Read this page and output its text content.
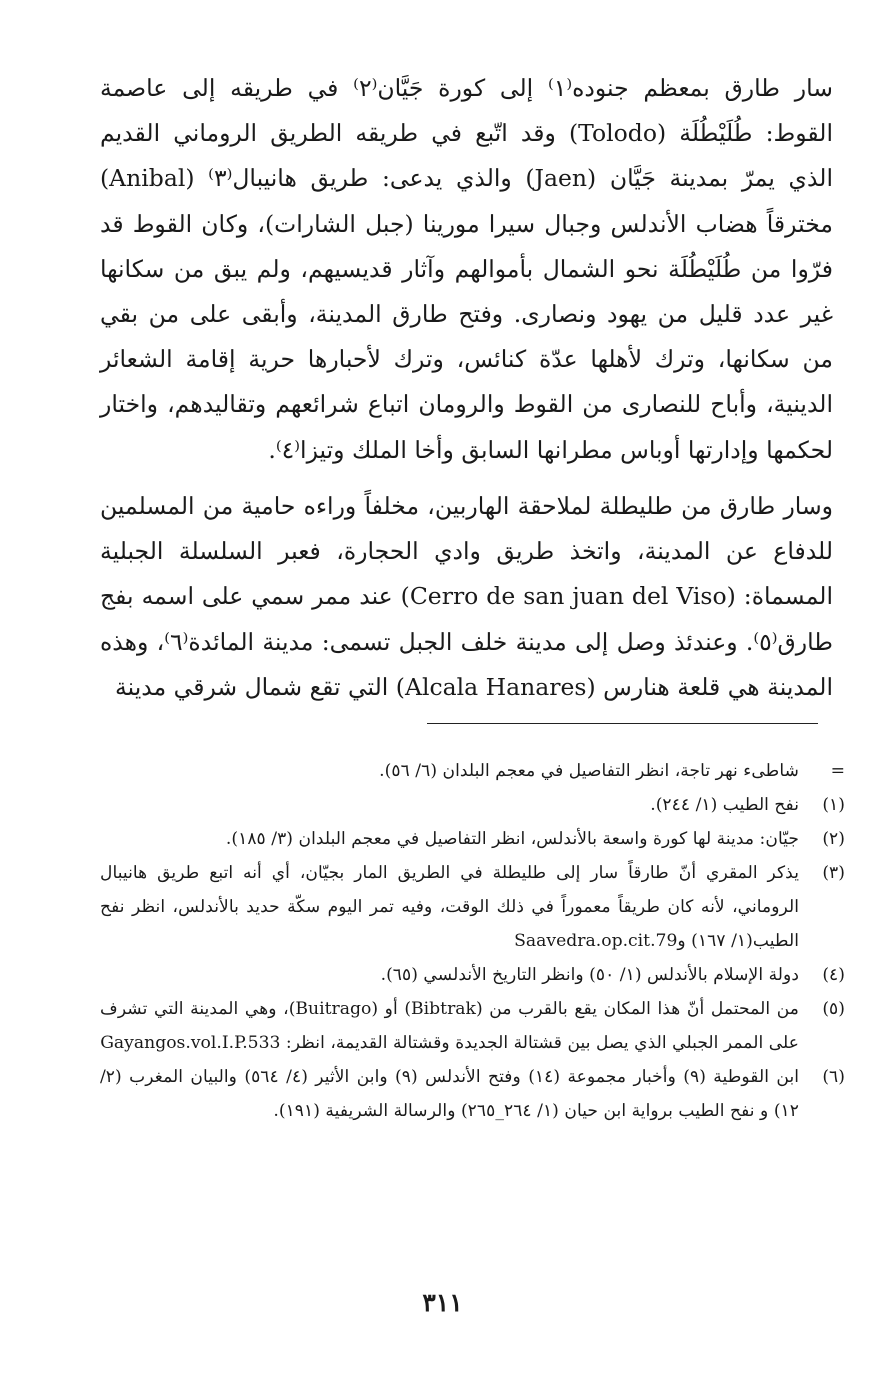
سار طارق بمعظم جنوده⁽١⁾ إلى كورة جَيَّان⁽٢⁾ في طريقه إلى عاصمة القوط: طُلَيْطُلَة (Tolodo) وقد اتّبع في طريقه الطريق الروماني القديم الذي يمرّ بمدينة جَيَّان (Jaen) والذي يدعى: طريق هانيبال⁽٣⁾ (Anibal) مخترقاً هضاب الأندلس وجبال سيرا مورينا (جبل الشارات)، وكان القوط قد فرّوا من طُلَيْطُلَة نحو الشمال بأموالهم وآثار قديسيهم، ولم يبق من سكانها غير عدد قليل من يهود ونصارى. وفتح طارق المدينة، وأبقى على من بقي من سكانها، وترك لأهلها عدّة كنائس، وترك لأحبارها حرية إقامة الشعائر الدينية، وأباح للنصارى من القوط والرومان اتباع شرائعهم وتقاليدهم، واختار لحكمها وإدارتها أوباس مطرانها السابق وأخا الملك وتيزا⁽٤⁾.

وسار طارق من طليطلة لملاحقة الهاربين، مخلفاً وراءه حامية من المسلمين للدفاع عن المدينة، واتخذ طريق وادي الحجارة، فعبر السلسلة الجبلية المسماة: (Cerro de san juan del Viso) عند ممر سمي على اسمه بفج طارق⁽٥⁾. وعندئذ وصل إلى مدينة خلف الجبل تسمى: مدينة المائدة⁽٦⁾، وهذه المدينة هي قلعة هنارس (Alcala Hanares) التي تقع شمال شرقي مدينة

=
شاطىء نهر تاجة، انظر التفاصيل في معجم البلدان (٦/ ٥٦).
(١)
نفح الطيب (١/ ٢٤٤).
(٢)
جيّان: مدينة لها كورة واسعة بالأندلس، انظر التفاصيل في معجم البلدان (٣/ ١٨٥).
(٣)
يذكر المقري أنّ طارقاً سار إلى طليطلة في الطريق المار بجيّان، أي أنه اتبع طريق هانيبال الروماني، لأنه كان طريقاً معموراً في ذلك الوقت، وفيه تمر اليوم سكّة حديد بالأندلس، انظر نفح الطيب(١/ ١٦٧) وSaavedra.op.cit.79
(٤)
دولة الإسلام بالأندلس (١/ ٥٠) وانظر التاريخ الأندلسي (٦٥).
(٥)
من المحتمل أنّ هذا المكان يقع بالقرب من (Bibtrak) أو (Buitrago)، وهي المدينة التي تشرف على الممر الجبلي الذي يصل بين قشتالة الجديدة وقشتالة القديمة، انظر: Gayangos.vol.I.P.533
(٦)
ابن القوطية (٩) وأخبار مجموعة (١٤) وفتح الأندلس (٩) وابن الأثير (٤/ ٥٦٤) والبيان المغرب (٢/ ١٢) و نفح الطيب برواية ابن حيان (١/ ٢٦٤_٢٦٥) والرسالة الشريفية (١٩١).
٣١١
